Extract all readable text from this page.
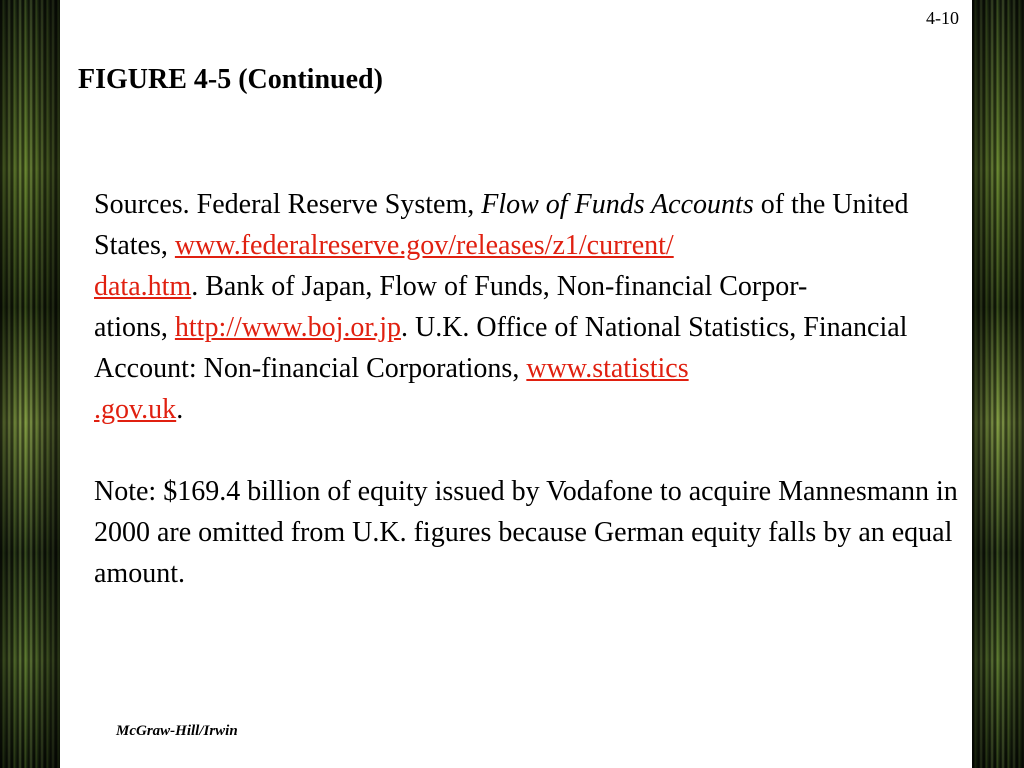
4-10
FIGURE 4-5 (Continued)

Sources. Federal Reserve System, Flow of Funds Accounts of the United States, www.federalreserve.gov/releases/z1/current/
data.htm. Bank of Japan, Flow of Funds, Non-financial Corpor-
ations, http://www.boj.or.jp. U.K. Office of National Statistics, Financial Account: Non-financial Corporations, www.statistics
.gov.uk.

Note: $169.4 billion of equity issued by Vodafone to acquire Mannesmann in 2000 are omitted from U.K. figures because German equity falls by an equal amount.

McGraw-Hill/Irwin
